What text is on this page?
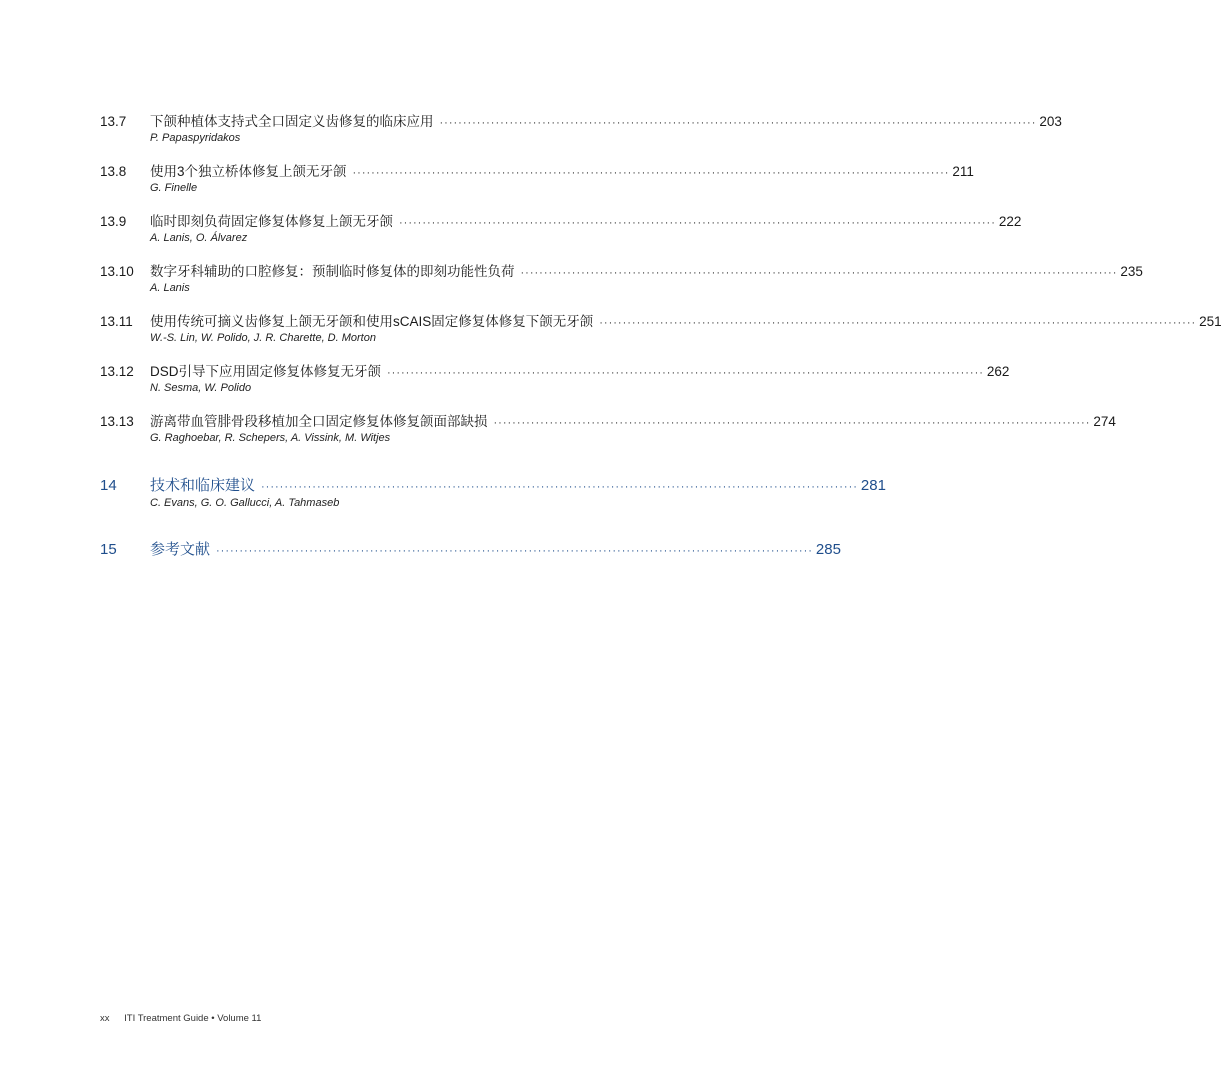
13.7	下颌种植体支持式全口固定义齿修复的临床应用 ································································································································ 203
P. Papaspyridakos
13.8	使用3个独立桥体修复上颌无牙颌 ································································································································ 211
G. Finelle
13.9	临时即刻负荷固定修复体修复上颌无牙颌 ································································································································ 222
A. Lanis, O. Álvarez
13.10	数字牙科辅助的口腔修复：预制临时修复体的即刻功能性负荷 ································································································································ 235
A. Lanis
13.11	使用传统可摘义齿修复上颌无牙颌和使用sCAIS固定修复体修复下颌无牙颌 ································································································································ 251
W.-S. Lin, W. Polido, J. R. Charette, D. Morton
13.12	DSD引导下应用固定修复体修复无牙颌 ································································································································ 262
N. Sesma, W. Polido
13.13	游离带血管腓骨段移植加全口固定修复体修复颌面部缺损 ································································································································ 274
G. Raghoebar, R. Schepers, A. Vissink, M. Witjes
14	技术和临床建议 ································································································································ 281
C. Evans, G. O. Gallucci, A. Tahmaseb
15	参考文献 ································································································································ 285
xx ITI Treatment Guide • Volume 11
